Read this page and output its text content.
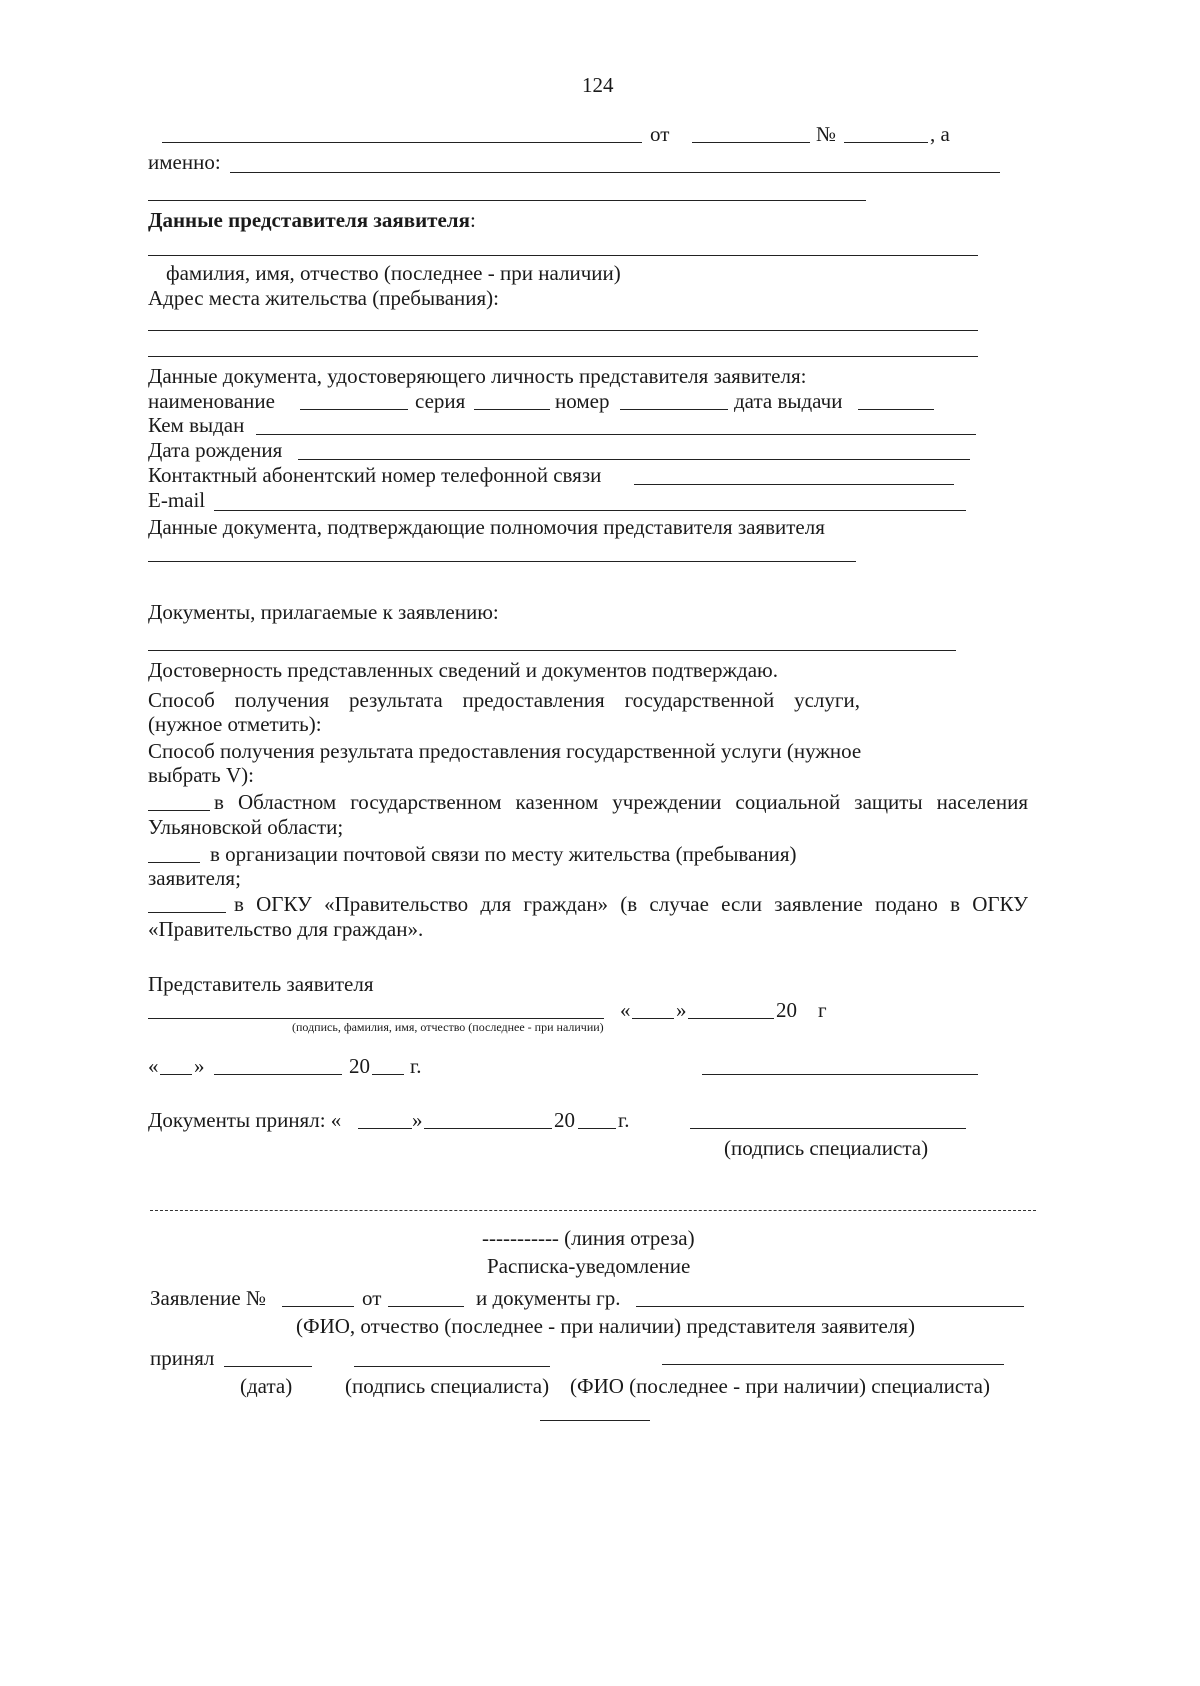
124
от	№	, а
именно:
Данные представителя заявителя:
фамилия, имя, отчество (последнее - при наличии)
Адрес места жительства (пребывания):
Данные документа, удостоверяющего личность представителя заявителя:
наименование	серия	номер	дата выдачи
Кем выдан
Дата рождения
Контактный абонентский номер телефонной связи
E-mail
Данные документа, подтверждающие полномочия представителя заявителя
Документы, прилагаемые к заявлению:
Достоверность представленных сведений и документов подтверждаю.
Способ получения результата предоставления государственной услуги,
(нужное отметить):
Способ получения результата предоставления государственной услуги (нужное
выбрать V):
в Областном государственном казенном учреждении социальной защиты населения
Ульяновской области;
в организации почтовой связи по месту жительства (пребывания)
заявителя;
в ОГКУ «Правительство для граждан» (в случае если заявление подано в ОГКУ
«Правительство для граждан».
Представитель заявителя
« »	20 г
(подпись, фамилия, имя, отчество (последнее - при наличии)
« »	20 г.
Документы принял: «	»	20 г.
(подпись специалиста)
----------- (линия отреза)
Расписка-уведомление
Заявление №	от	и документы гр.
(ФИО, отчество (последнее - при наличии) представителя заявителя)
принял
(дата)	(подпись специалиста) (ФИО (последнее - при наличии) специалиста)
